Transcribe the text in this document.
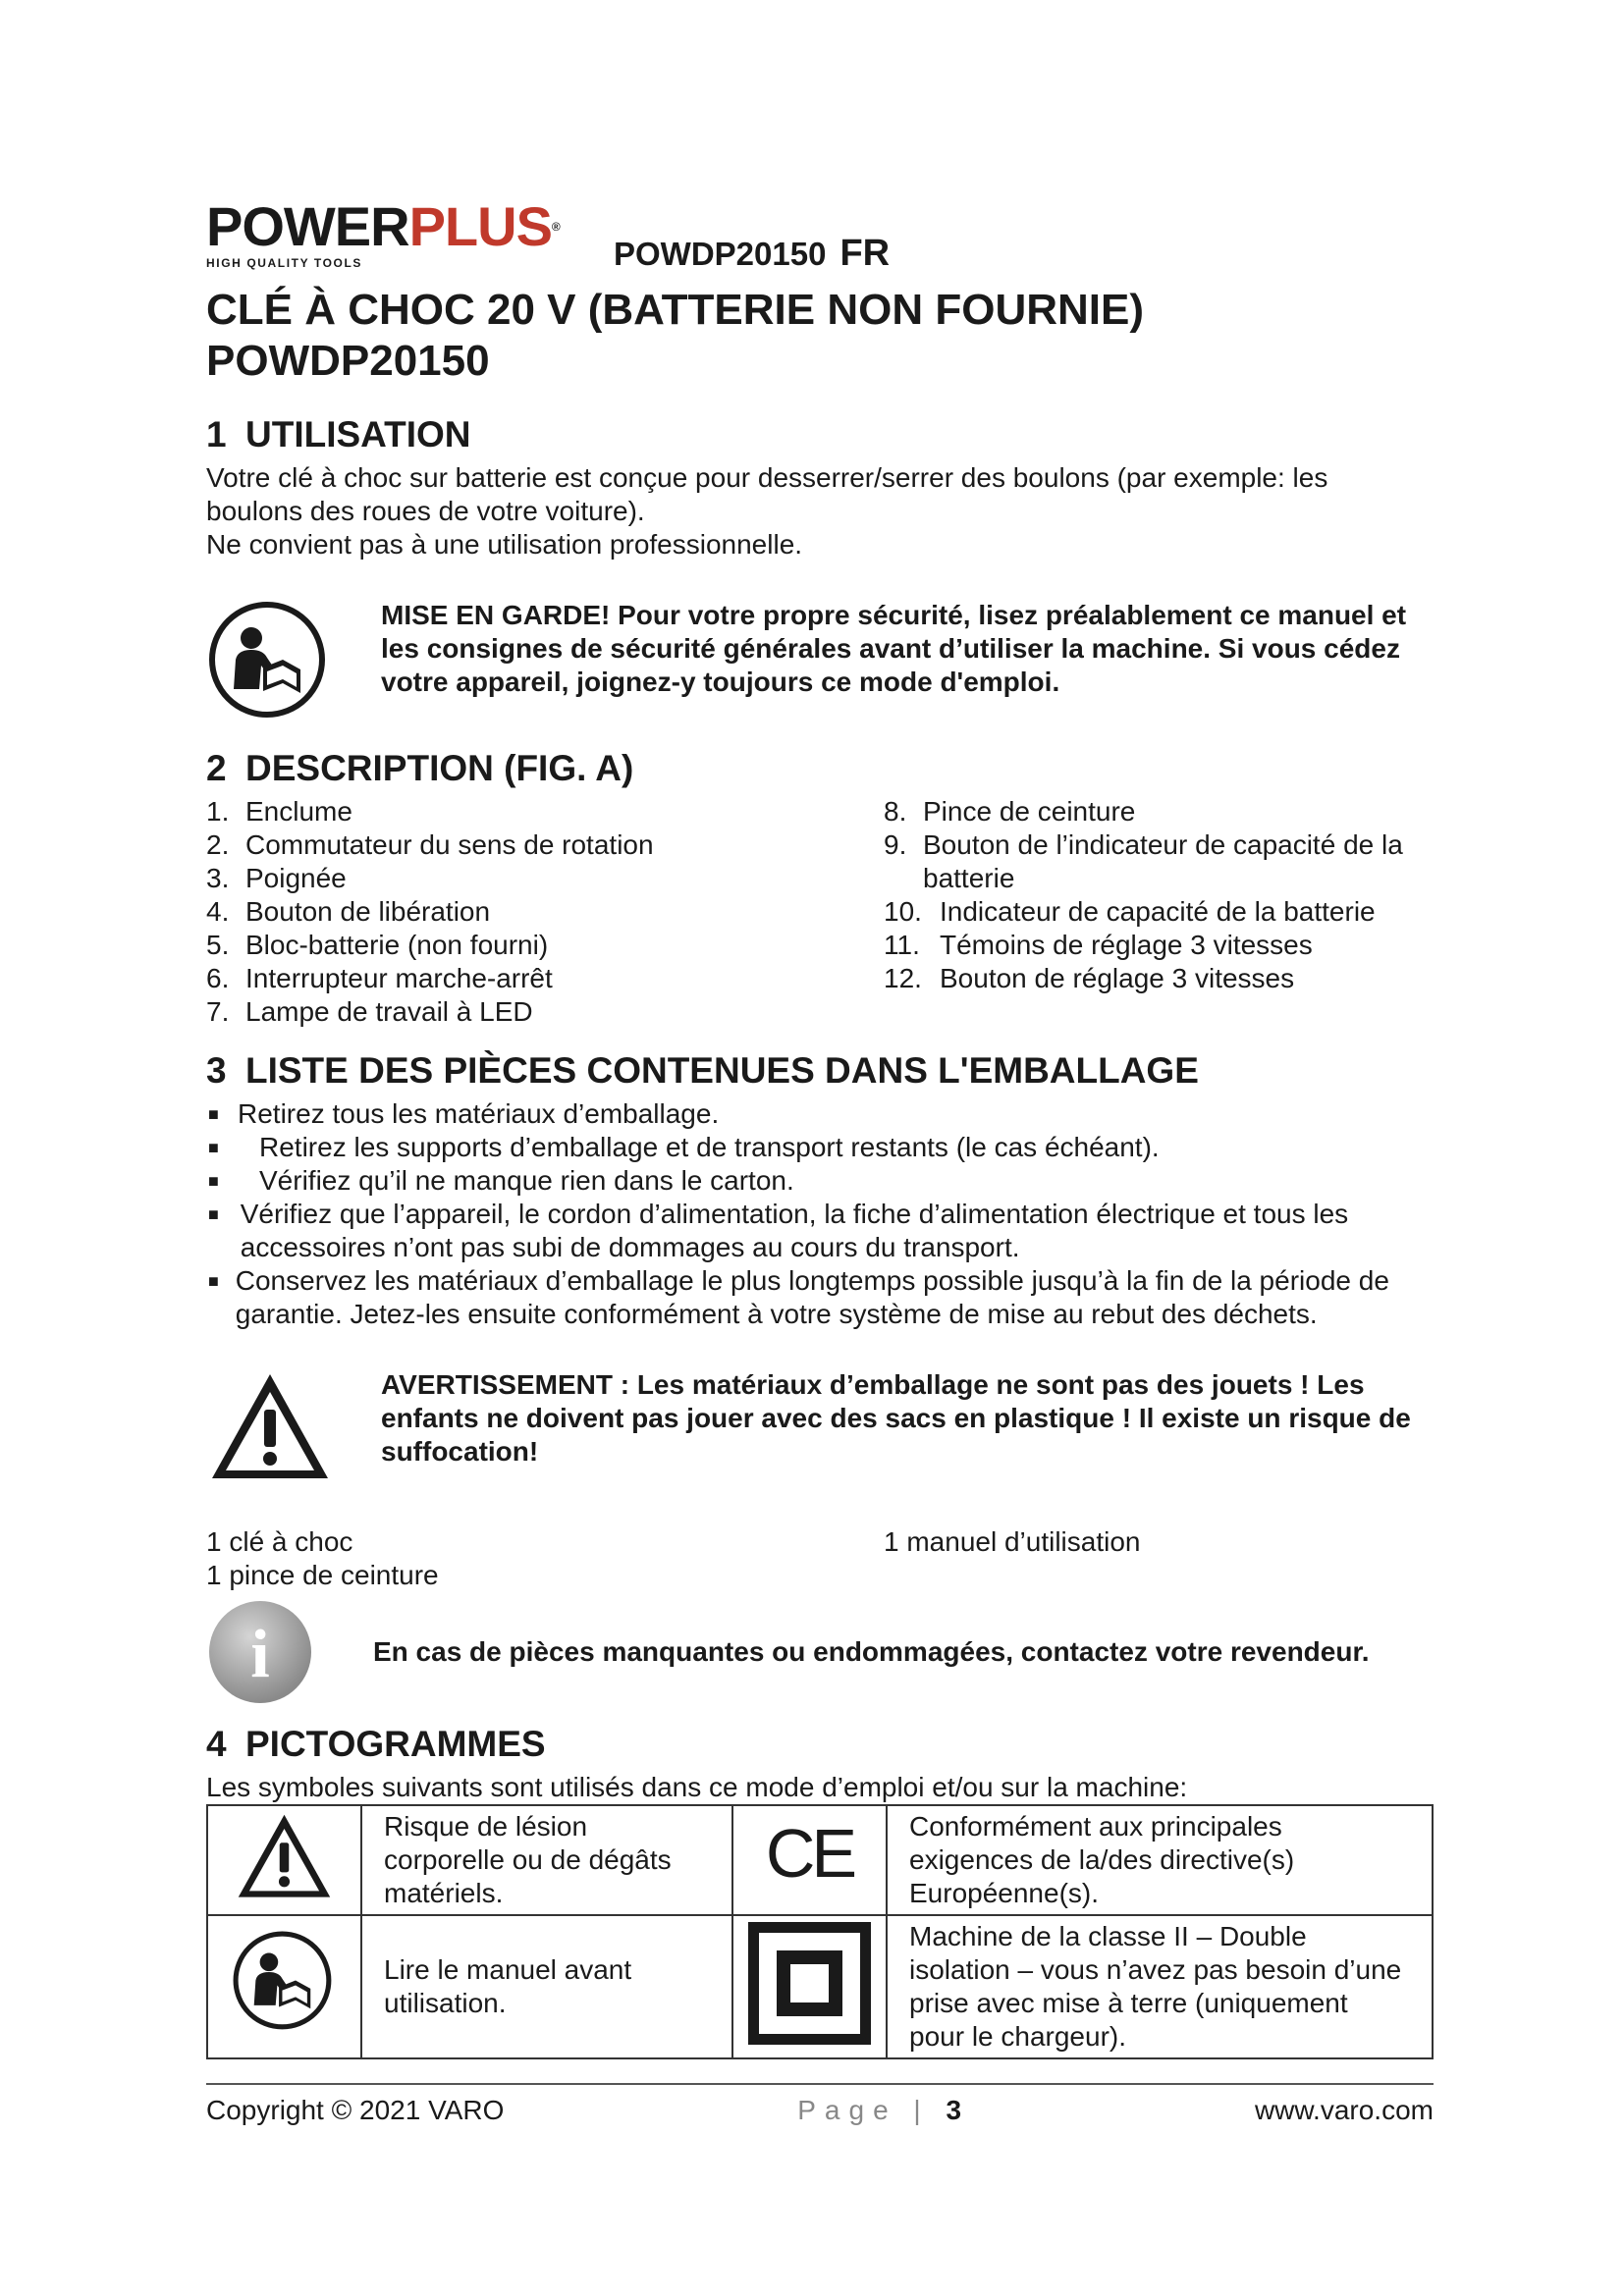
POWERPLUS®
HIGH QUALITY TOOLS	POWDP20150 FR
CLÉ À CHOC 20 V (BATTERIE NON FOURNIE)
POWDP20150
1 UTILISATION

Votre clé à choc sur batterie est conçue pour desserrer/serrer des boulons (par exemple: les

boulons des roues de votre voiture).

Ne convient pas à une utilisation professionnelle.

MISE EN GARDE! Pour votre propre sécurité, lisez préalablement ce manuel et les consignes de sécurité générales avant d’utiliser la machine. Si vous cédez votre appareil, joignez-y toujours ce mode d'emploi.
2 DESCRIPTION (FIG. A)
1. Enclume
2. Commutateur du sens de rotation
3. Poignée
4. Bouton de libération
5. Bloc-batterie (non fourni)
6. Interrupteur marche-arrêt
7. Lampe de travail à LED
8. Pince de ceinture
9. Bouton de l’indicateur de capacité de la batterie
10. Indicateur de capacité de la batterie
11. Témoins de réglage 3 vitesses
12. Bouton de réglage 3 vitesses
3 LISTE DES PIÈCES CONTENUES DANS L'EMBALLAGE
■ Retirez tous les matériaux d’emballage.
■	Retirez les supports d’emballage et de transport restants (le cas échéant).
■	Vérifiez qu’il ne manque rien dans le carton.
■ Vérifiez que l’appareil, le cordon d’alimentation, la fiche d’alimentation électrique et tous les accessoires n’ont pas subi de dommages au cours du transport.
■ Conservez les matériaux d’emballage le plus longtemps possible jusqu’à la fin de la période de garantie. Jetez-les ensuite conformément à votre système de mise au rebut des déchets.
AVERTISSEMENT : Les matériaux d’emballage ne sont pas des jouets ! Les enfants ne doivent pas jouer avec des sacs en plastique ! Il existe un risque de suffocation!
1 clé à choc
1 pince de ceinture
1 manuel d’utilisation
i	En cas de pièces manquantes ou endommagées, contactez votre revendeur.
4 PICTOGRAMMES

Les symboles suivants sont utilisés dans ce mode d’emploi et/ou sur la machine:

	Risque de lésion corporelle ou de dégâts matériels.	CE	Conformément aux principales exigences de la/des directive(s) Européenne(s).
	Lire le manuel avant utilisation.		Machine de la classe II – Double isolation – vous n’avez pas besoin d’une prise avec mise à terre (uniquement pour le chargeur).
Copyright © 2021 VARO	Page | 3	www.varo.com
